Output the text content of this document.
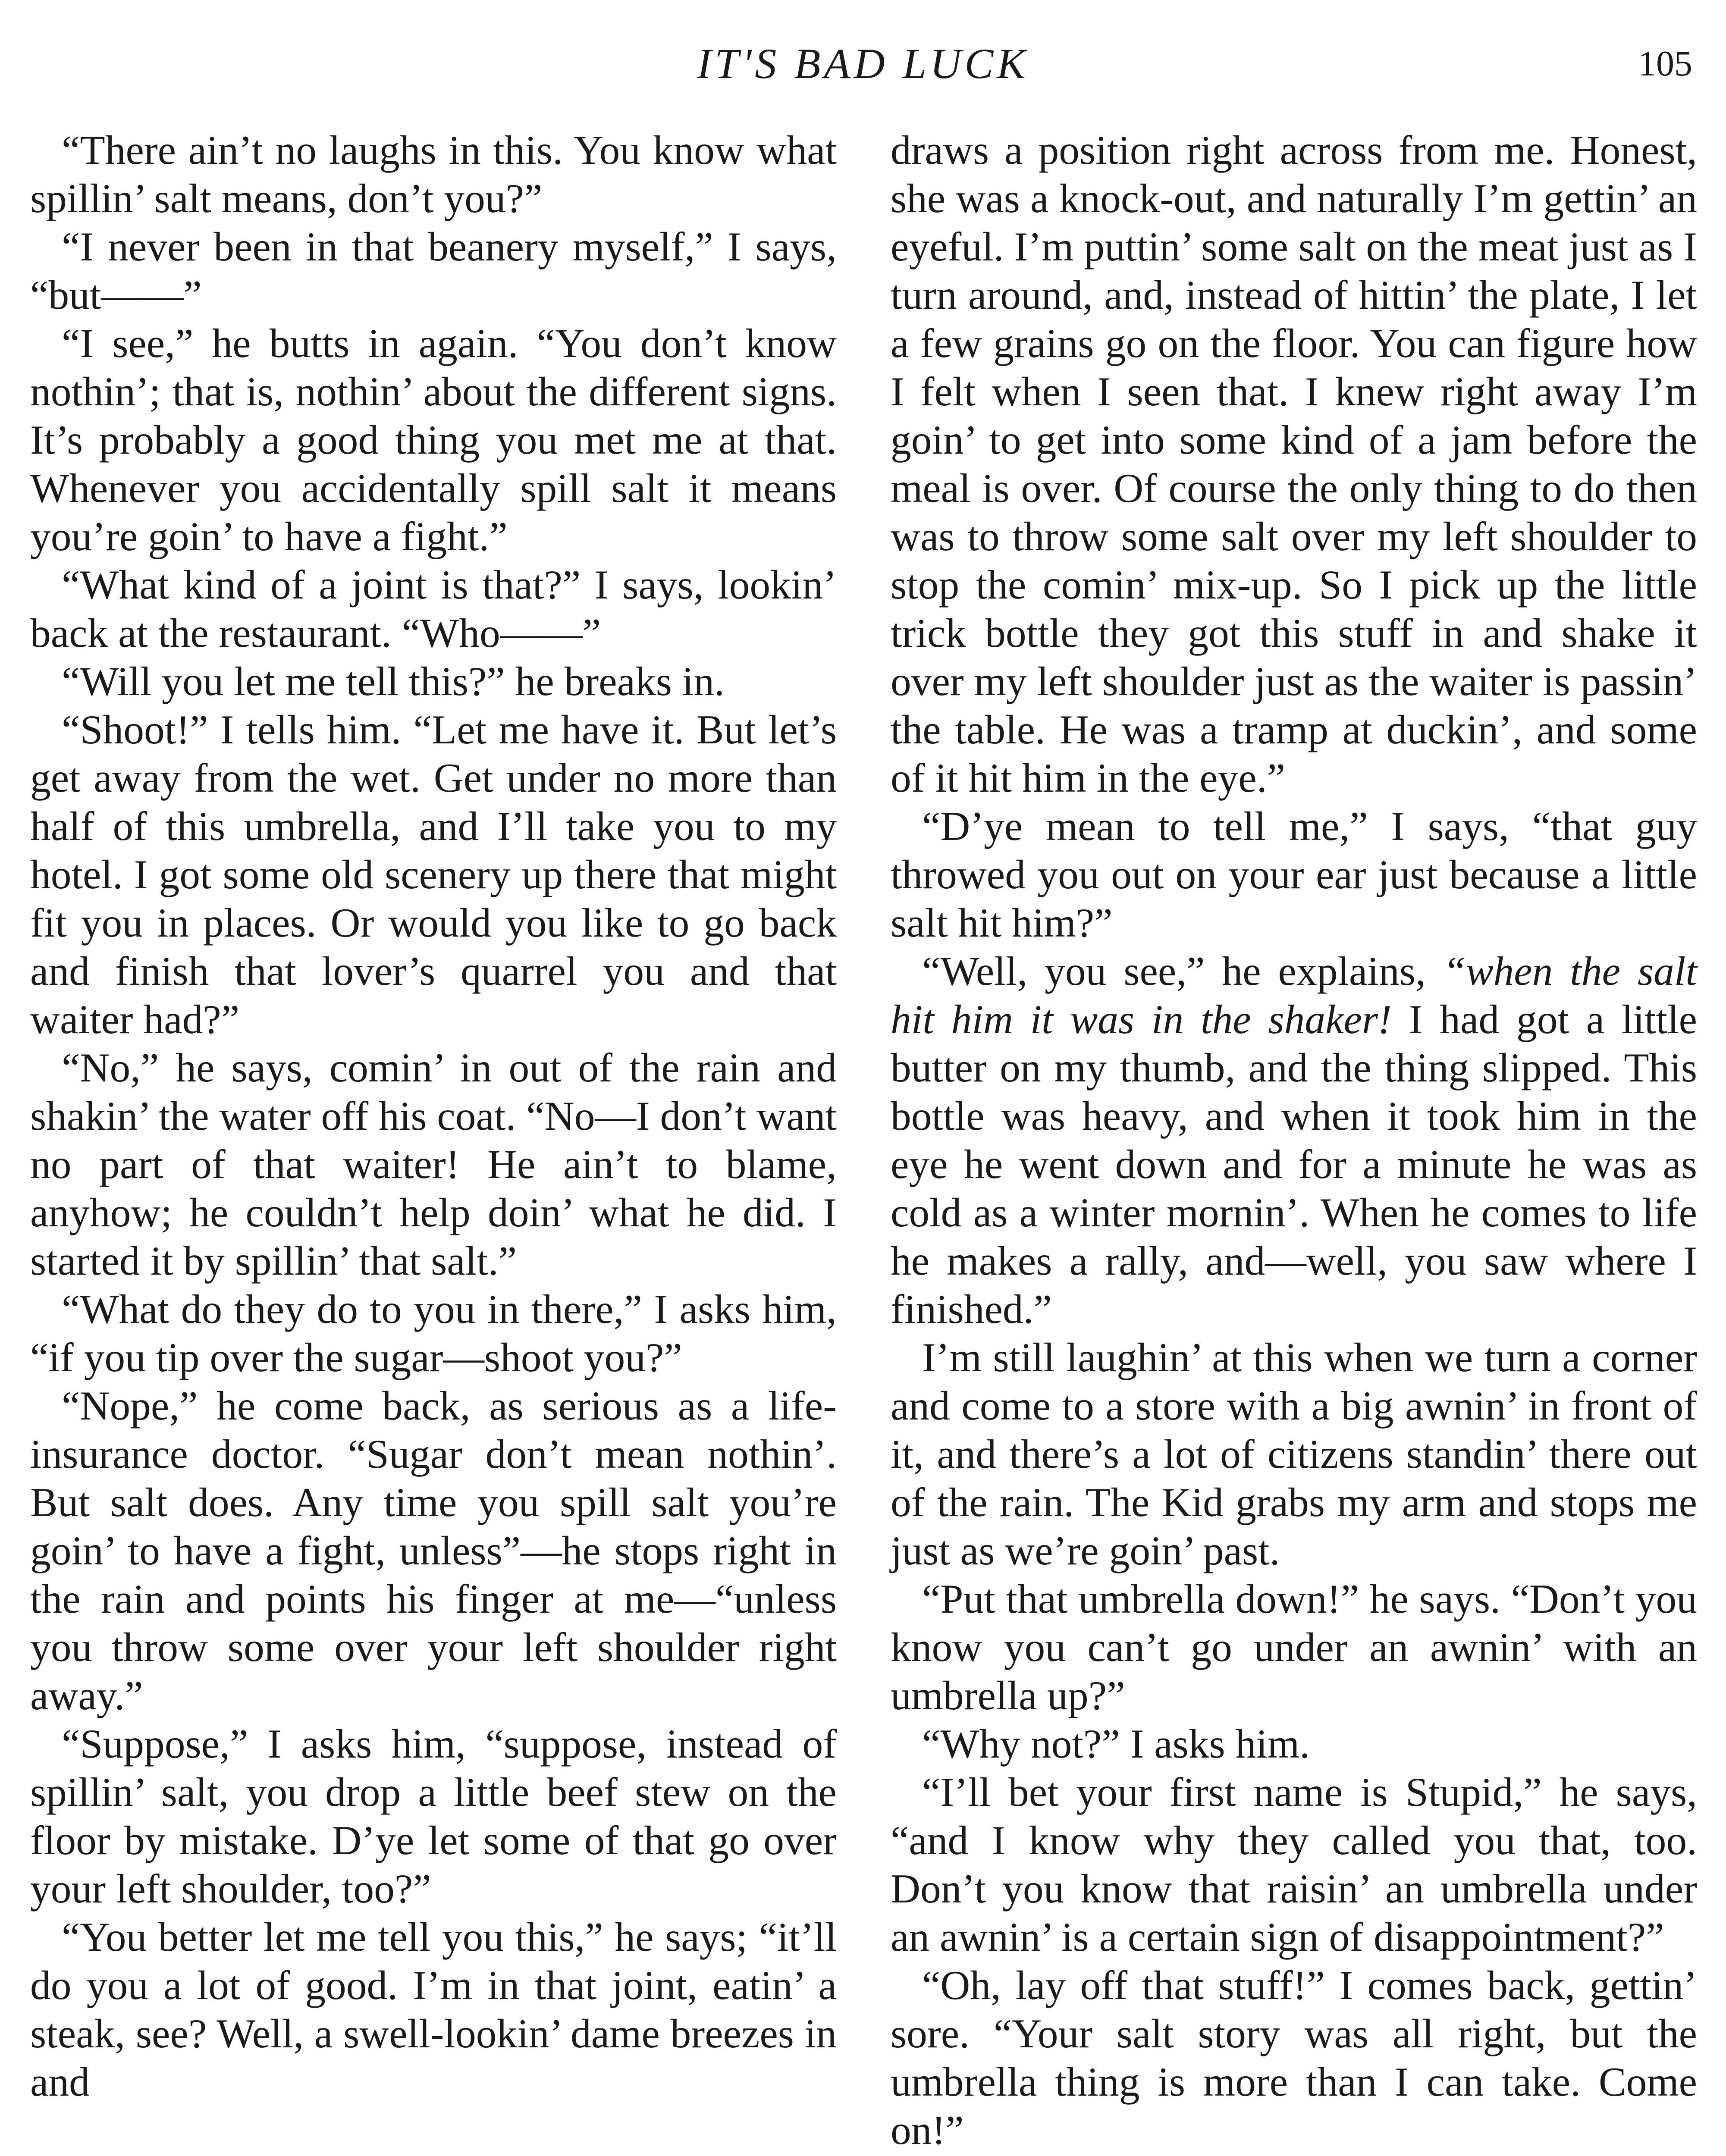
IT'S BAD LUCK	105

“There ain’t no laughs in this. You know what spillin’ salt means, don’t you?”

“I never been in that beanery myself,” I says, “but——”

“I see,” he butts in again. “You don’t know nothin’; that is, nothin’ about the different signs. It’s probably a good thing you met me at that. Whenever you accidentally spill salt it means you’re goin’ to have a fight.”

“What kind of a joint is that?” I says, lookin’ back at the restaurant. “Who——”

“Will you let me tell this?” he breaks in.

“Shoot!” I tells him. “Let me have it. But let’s get away from the wet. Get under no more than half of this umbrella, and I’ll take you to my hotel. I got some old scenery up there that might fit you in places. Or would you like to go back and finish that lover’s quarrel you and that waiter had?”

“No,” he says, comin’ in out of the rain and shakin’ the water off his coat. “No—I don’t want no part of that waiter! He ain’t to blame, anyhow; he couldn’t help doin’ what he did. I started it by spillin’ that salt.”

“What do they do to you in there,” I asks him, “if you tip over the sugar—shoot you?”

“Nope,” he come back, as serious as a life-insurance doctor. “Sugar don’t mean nothin’. But salt does. Any time you spill salt you’re goin’ to have a fight, unless”—he stops right in the rain and points his finger at me—“unless you throw some over your left shoulder right away.”

“Suppose,” I asks him, “suppose, instead of spillin’ salt, you drop a little beef stew on the floor by mistake. D’ye let some of that go over your left shoulder, too?”

“You better let me tell you this,” he says; “it’ll do you a lot of good. I’m in that joint, eatin’ a steak, see? Well, a swell-lookin’ dame breezes in and

draws a position right across from me. Honest, she was a knock-out, and naturally I’m gettin’ an eyeful. I’m puttin’ some salt on the meat just as I turn around, and, instead of hittin’ the plate, I let a few grains go on the floor. You can figure how I felt when I seen that. I knew right away I’m goin’ to get into some kind of a jam before the meal is over. Of course the only thing to do then was to throw some salt over my left shoulder to stop the comin’ mix-up. So I pick up the little trick bottle they got this stuff in and shake it over my left shoulder just as the waiter is passin’ the table. He was a tramp at duckin’, and some of it hit him in the eye.”

“D’ye mean to tell me,” I says, “that guy throwed you out on your ear just because a little salt hit him?”

“Well, you see,” he explains, “when the salt hit him it was in the shaker! I had got a little butter on my thumb, and the thing slipped. This bottle was heavy, and when it took him in the eye he went down and for a minute he was as cold as a winter mornin’. When he comes to life he makes a rally, and—well, you saw where I finished.”

I’m still laughin’ at this when we turn a corner and come to a store with a big awnin’ in front of it, and there’s a lot of citizens standin’ there out of the rain. The Kid grabs my arm and stops me just as we’re goin’ past.

“Put that umbrella down!” he says. “Don’t you know you can’t go under an awnin’ with an umbrella up?”

“Why not?” I asks him.

“I’ll bet your first name is Stupid,” he says, “and I know why they called you that, too. Don’t you know that raisin’ an umbrella under an awnin’ is a certain sign of disappointment?”

“Oh, lay off that stuff!” I comes back, gettin’ sore. “Your salt story was all right, but the umbrella thing is more than I can take. Come on!”
